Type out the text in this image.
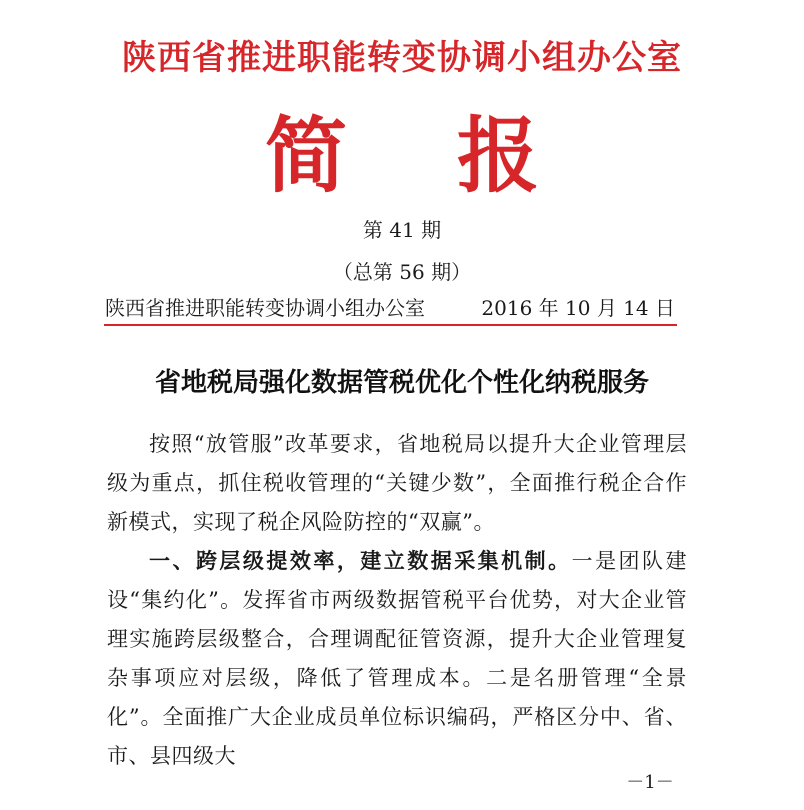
陕西省推进职能转变协调小组办公室
简报
第 41 期
（总第 56 期）
陕西省推进职能转变协调小组办公室	2016 年 10 月 14 日
省地税局强化数据管税优化个性化纳税服务

按照“放管服”改革要求，省地税局以提升大企业管理层级为重点，抓住税收管理的“关键少数”，全面推行税企合作新模式，实现了税企风险防控的“双赢”。

一、跨层级提效率，建立数据采集机制。一是团队建设“集约化”。发挥省市两级数据管税平台优势，对大企业管理实施跨层级整合，合理调配征管资源，提升大企业管理复杂事项应对层级，降低了管理成本。二是名册管理“全景化”。全面推广大企业成员单位标识编码，严格区分中、省、市、县四级大

－1－
